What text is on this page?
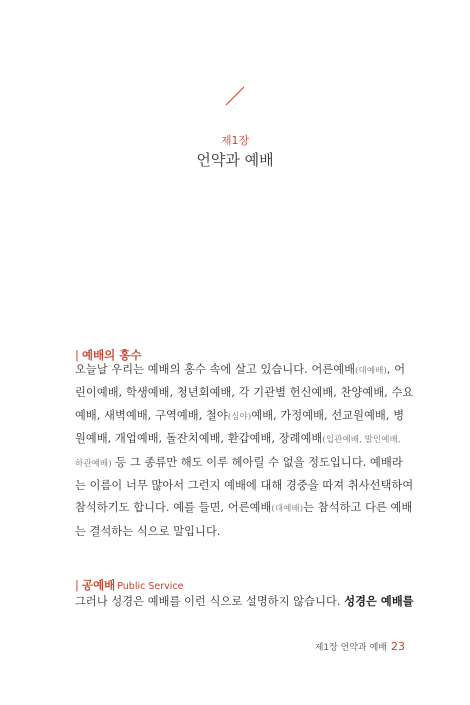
제1장
언약과 예배
| 예배의 홍수
오늘날 우리는 예배의 홍수 속에 살고 있습니다. 어른예배(대예배), 어
린이예배, 학생예배, 청년회예배, 각 기관별 헌신예배, 찬양예배, 수요
예배, 새벽예배, 구역예배, 철야(심야)예배, 가정예배, 선교원예배, 병
원예배, 개업예배, 돌잔치예배, 환갑예배, 장례예배(입관예배, 발인예배,
하관예배) 등 그 종류만 해도 이루 헤아릴 수 없을 정도입니다. 예배라
는 이름이 너무 많아서 그런지 예배에 대해 경중을 따져 취사선택하여
참석하기도 합니다. 예를 들면, 어른예배(대예배)는 참석하고 다른 예배
는 결석하는 식으로 말입니다.
| 공예배 Public Service
그러나 성경은 예배를 이런 식으로 설명하지 않습니다. 성경은 예배를
제1장 언약과 예배 23
